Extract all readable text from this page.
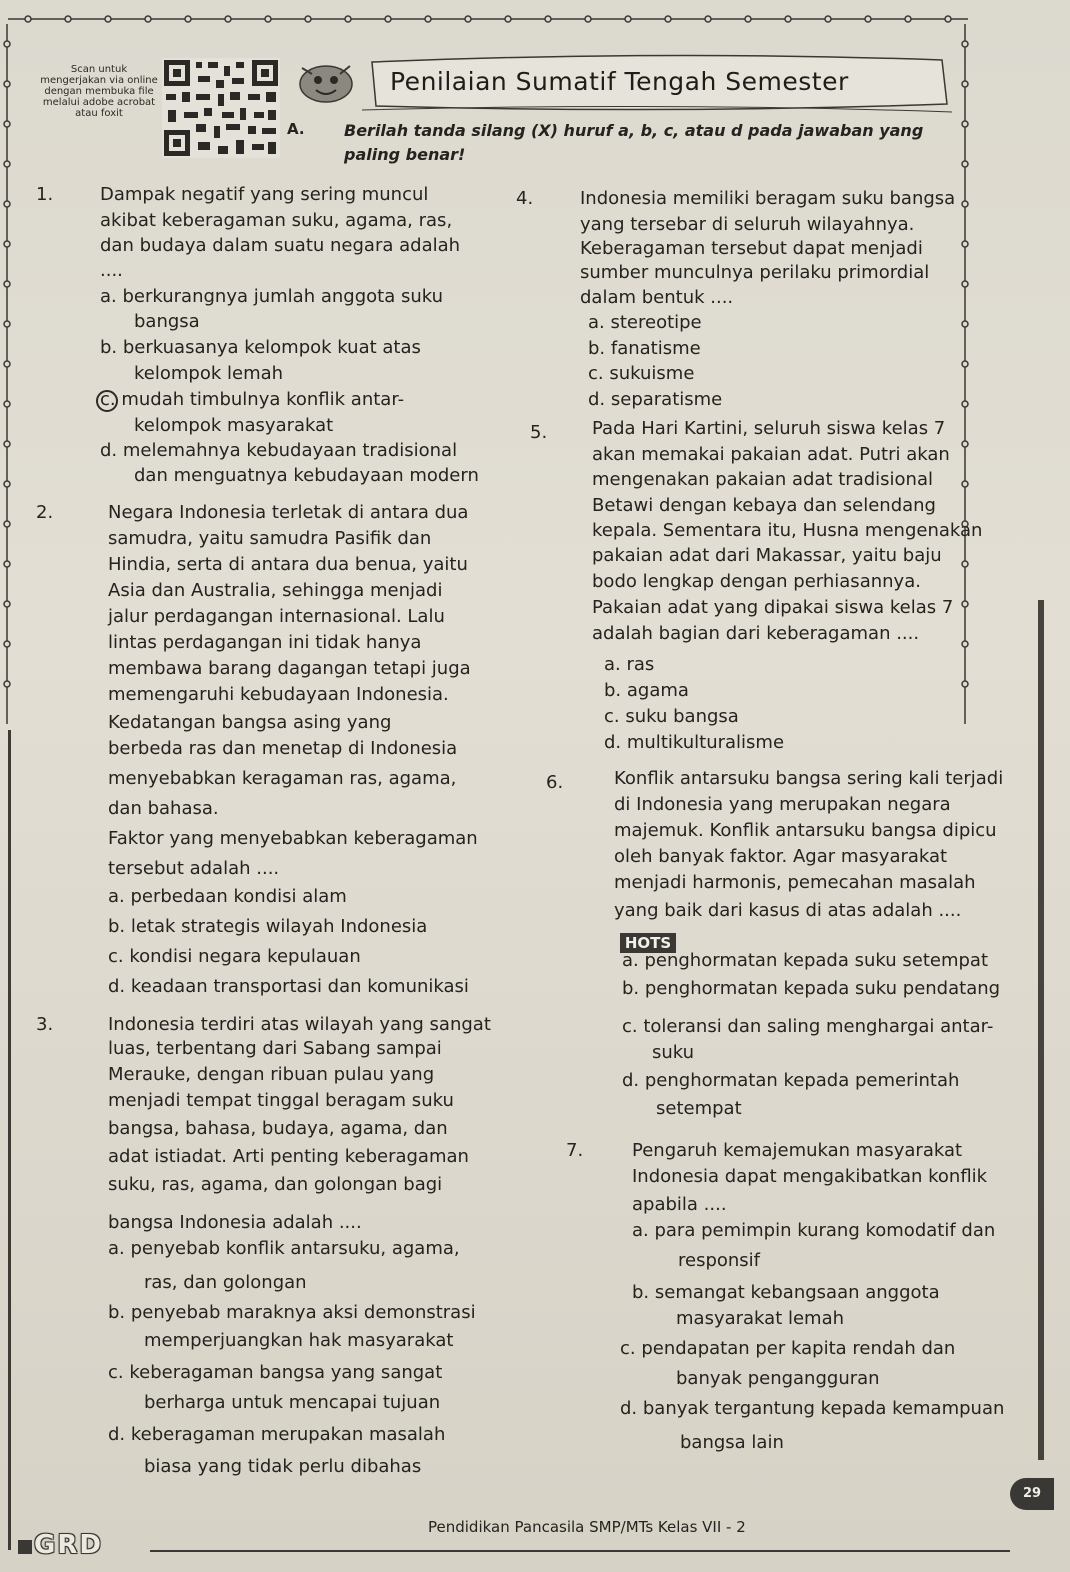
Scan untuk mengerjakan via online dengan membuka file melalui adobe acrobat atau foxit
Penilaian Sumatif Tengah Semester
A. Berilah tanda silang (X) huruf a, b, c, atau d pada jawaban yang paling benar!
1.	Dampak negatif yang sering muncul
akibat keberagaman suku, agama, ras,
dan budaya dalam suatu negara adalah
....
a. berkurangnya jumlah anggota suku
bangsa
b. berkuasanya kelompok kuat atas
kelompok lemah
c. mudah timbulnya konflik antar-
kelompok masyarakat
d. melemahnya kebudayaan tradisional
dan menguatnya kebudayaan modern
2.	Negara Indonesia terletak di antara dua
samudra, yaitu samudra Pasifik dan
Hindia, serta di antara dua benua, yaitu
Asia dan Australia, sehingga menjadi
jalur perdagangan internasional. Lalu
lintas perdagangan ini tidak hanya
membawa barang dagangan tetapi juga
memengaruhi kebudayaan Indonesia.
Kedatangan bangsa asing yang
berbeda ras dan menetap di Indonesia
menyebabkan keragaman ras, agama,
dan bahasa.
Faktor yang menyebabkan keberagaman
tersebut adalah ....
a. perbedaan kondisi alam
b. letak strategis wilayah Indonesia
c. kondisi negara kepulauan
d. keadaan transportasi dan komunikasi
3.	Indonesia terdiri atas wilayah yang sangat
luas, terbentang dari Sabang sampai
Merauke, dengan ribuan pulau yang
menjadi tempat tinggal beragam suku
bangsa, bahasa, budaya, agama, dan
adat istiadat. Arti penting keberagaman
suku, ras, agama, dan golongan bagi
bangsa Indonesia adalah ....
a. penyebab konflik antarsuku, agama,
ras, dan golongan
b. penyebab maraknya aksi demonstrasi
memperjuangkan hak masyarakat
c. keberagaman bangsa yang sangat
berharga untuk mencapai tujuan
d. keberagaman merupakan masalah
biasa yang tidak perlu dibahas
4.	Indonesia memiliki beragam suku bangsa
yang tersebar di seluruh wilayahnya.
Keberagaman tersebut dapat menjadi
sumber munculnya perilaku primordial
dalam bentuk ....
a. stereotipe
b. fanatisme
c. sukuisme
d. separatisme
5. Pada Hari Kartini, seluruh siswa kelas 7
akan memakai pakaian adat. Putri akan
mengenakan pakaian adat tradisional
Betawi dengan kebaya dan selendang
kepala. Sementara itu, Husna mengenakan
pakaian adat dari Makassar, yaitu baju
bodo lengkap dengan perhiasannya.
Pakaian adat yang dipakai siswa kelas 7
adalah bagian dari keberagaman ....
a. ras
b. agama
c. suku bangsa
d. multikulturalisme
6.	Konflik antarsuku bangsa sering kali terjadi
di Indonesia yang merupakan negara
majemuk. Konflik antarsuku bangsa dipicu
oleh banyak faktor. Agar masyarakat
menjadi harmonis, pemecahan masalah
yang baik dari kasus di atas adalah ....
HOTS
a. penghormatan kepada suku setempat
b. penghormatan kepada suku pendatang
c. toleransi dan saling menghargai antar-
suku
d. penghormatan kepada pemerintah
setempat
7.	Pengaruh kemajemukan masyarakat
Indonesia dapat mengakibatkan konflik
apabila ....
a. para pemimpin kurang komodatif dan
responsif
b. semangat kebangsaan anggota
masyarakat lemah
c. pendapatan per kapita rendah dan
banyak pengangguran
d. banyak tergantung kepada kemampuan
bangsa lain
29
Pendidikan Pancasila SMP/MTs Kelas VII - 2
GRD
